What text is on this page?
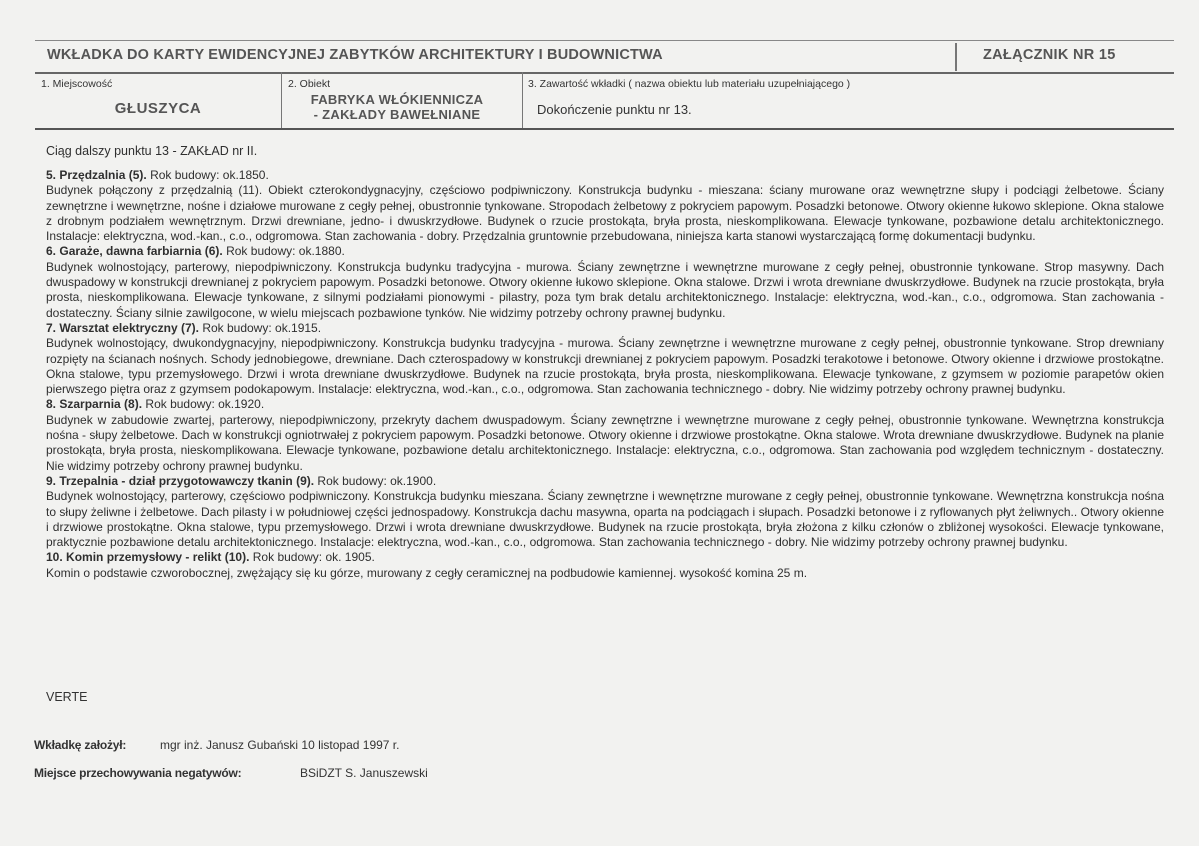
WKŁADKA DO KARTY EWIDENCYJNEJ ZABYTKÓW ARCHITEKTURY I BUDOWNICTWA	ZAŁĄCZNIK NR 15
1. Miejscowość
GŁUSZYCA
2. Obiekt
FABRYKA WŁÓKIENNICZA
- ZAKŁADY BAWEŁNIANE
3. Zawartość wkładki ( nazwa obiektu lub materiału uzupełniającego )
Dokończenie punktu nr 13.

Ciąg dalszy punktu 13 - ZAKŁAD nr II.

5. Przędzalnia (5). Rok budowy: ok.1850.

Budynek połączony z przędzalnią (11). Obiekt czterokondygnacyjny, częściowo podpiwniczony. Konstrukcja budynku - mieszana: ściany murowane oraz wewnętrzne słupy i podciągi żelbetowe. Ściany zewnętrzne i wewnętrzne, nośne i działowe murowane z cegły pełnej, obustronnie tynkowane. Stropodach żelbetowy z pokryciem papowym. Posadzki betonowe. Otwory okienne łukowo sklepione. Okna stalowe z drobnym podziałem wewnętrznym. Drzwi drewniane, jedno- i dwuskrzydłowe. Budynek o rzucie prostokąta, bryła prosta, nieskomplikowana. Elewacje tynkowane, pozbawione detalu architektonicznego. Instalacje: elektryczna, wod.-kan., c.o., odgromowa. Stan zachowania - dobry. Przędzalnia gruntownie przebudowana, niniejsza karta stanowi wystarczającą formę dokumentacji budynku.

6. Garaże, dawna farbiarnia (6). Rok budowy: ok.1880.

Budynek wolnostojący, parterowy, niepodpiwniczony. Konstrukcja budynku tradycyjna - murowa. Ściany zewnętrzne i wewnętrzne murowane z cegły pełnej, obustronnie tynkowane. Strop masywny. Dach dwuspadowy w konstrukcji drewnianej z pokryciem papowym. Posadzki betonowe. Otwory okienne łukowo sklepione. Okna stalowe. Drzwi i wrota drewniane dwuskrzydłowe. Budynek na rzucie prostokąta, bryła prosta, nieskomplikowana. Elewacje tynkowane, z silnymi podziałami pionowymi - pilastry, poza tym brak detalu architektonicznego. Instalacje: elektryczna, wod.-kan., c.o., odgromowa. Stan zachowania - dostateczny. Ściany silnie zawilgocone, w wielu miejscach pozbawione tynków. Nie widzimy potrzeby ochrony prawnej budynku.

7. Warsztat elektryczny (7). Rok budowy: ok.1915.

Budynek wolnostojący, dwukondygnacyjny, niepodpiwniczony. Konstrukcja budynku tradycyjna - murowa. Ściany zewnętrzne i wewnętrzne murowane z cegły pełnej, obustronnie tynkowane. Strop drewniany rozpięty na ścianach nośnych. Schody jednobiegowe, drewniane. Dach czterospadowy w konstrukcji drewnianej z pokryciem papowym. Posadzki terakotowe i betonowe. Otwory okienne i drzwiowe prostokątne. Okna stalowe, typu przemysłowego. Drzwi i wrota drewniane dwuskrzydłowe. Budynek na rzucie prostokąta, bryła prosta, nieskomplikowana. Elewacje tynkowane, z gzymsem w poziomie parapetów okien pierwszego piętra oraz z gzymsem podokapowym. Instalacje: elektryczna, wod.-kan., c.o., odgromowa. Stan zachowania technicznego - dobry. Nie widzimy potrzeby ochrony prawnej budynku.

8. Szarparnia (8). Rok budowy: ok.1920.

Budynek w zabudowie zwartej, parterowy, niepodpiwniczony, przekryty dachem dwuspadowym. Ściany zewnętrzne i wewnętrzne murowane z cegły pełnej, obustronnie tynkowane. Wewnętrzna konstrukcja nośna - słupy żelbetowe. Dach w konstrukcji ogniotrwałej z pokryciem papowym. Posadzki betonowe. Otwory okienne i drzwiowe prostokątne. Okna stalowe. Wrota drewniane dwuskrzydłowe. Budynek na planie prostokąta, bryła prosta, nieskomplikowana. Elewacje tynkowane, pozbawione detalu architektonicznego. Instalacje: elektryczna, c.o., odgromowa. Stan zachowania pod względem technicznym - dostateczny. Nie widzimy potrzeby ochrony prawnej budynku.

9. Trzepalnia - dział przygotowawczy tkanin (9). Rok budowy: ok.1900.

Budynek wolnostojący, parterowy, częściowo podpiwniczony. Konstrukcja budynku mieszana. Ściany zewnętrzne i wewnętrzne murowane z cegły pełnej, obustronnie tynkowane. Wewnętrzna konstrukcja nośna to słupy żeliwne i żelbetowe. Dach pilasty i w południowej części jednospadowy. Konstrukcja dachu masywna, oparta na podciągach i słupach. Posadzki betonowe i z ryflowanych płyt żeliwnych.. Otwory okienne i drzwiowe prostokątne. Okna stalowe, typu przemysłowego. Drzwi i wrota drewniane dwuskrzydłowe. Budynek na rzucie prostokąta, bryła złożona z kilku członów o zbliżonej wysokości. Elewacje tynkowane, praktycznie pozbawione detalu architektonicznego. Instalacje: elektryczna, wod.-kan., c.o., odgromowa. Stan zachowania technicznego - dobry. Nie widzimy potrzeby ochrony prawnej budynku.

10. Komin przemysłowy - relikt (10). Rok budowy: ok. 1905.

Komin o podstawie czworobocznej, zwężający się ku górze, murowany z cegły ceramicznej na podbudowie kamiennej. wysokość komina 25 m.

VERTE
Wkładkę założył:	mgr inż. Janusz Gubański 10 listopad 1997 r.
Miejsce przechowywania negatywów:	BSiDZT S. Januszewski
